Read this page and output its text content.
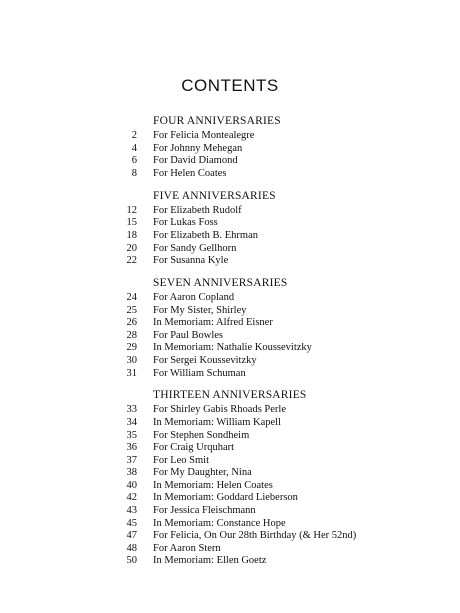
CONTENTS
FOUR ANNIVERSARIES
2	For Felicia Montealegre
4	For Johnny Mehegan
6	For David Diamond
8	For Helen Coates
FIVE ANNIVERSARIES
12	For Elizabeth Rudolf
15	For Lukas Foss
18	For Elizabeth B. Ehrman
20	For Sandy Gellhorn
22	For Susanna Kyle
SEVEN ANNIVERSARIES
24	For Aaron Copland
25	For My Sister, Shirley
26	In Memoriam: Alfred Eisner
28	For Paul Bowles
29	In Memoriam: Nathalie Koussevitzky
30	For Sergei Koussevitzky
31	For William Schuman
THIRTEEN ANNIVERSARIES
33	For Shirley Gabis Rhoads Perle
34	In Memoriam: William Kapell
35	For Stephen Sondheim
36	For Craig Urquhart
37	For Leo Smit
38	For My Daughter, Nina
40	In Memoriam: Helen Coates
42	In Memoriam: Goddard Lieberson
43	For Jessica Fleischmann
45	In Memoriam: Constance Hope
47	For Felicia, On Our 28th Birthday (& Her 52nd)
48	For Aaron Stern
50	In Memoriam: Ellen Goetz
